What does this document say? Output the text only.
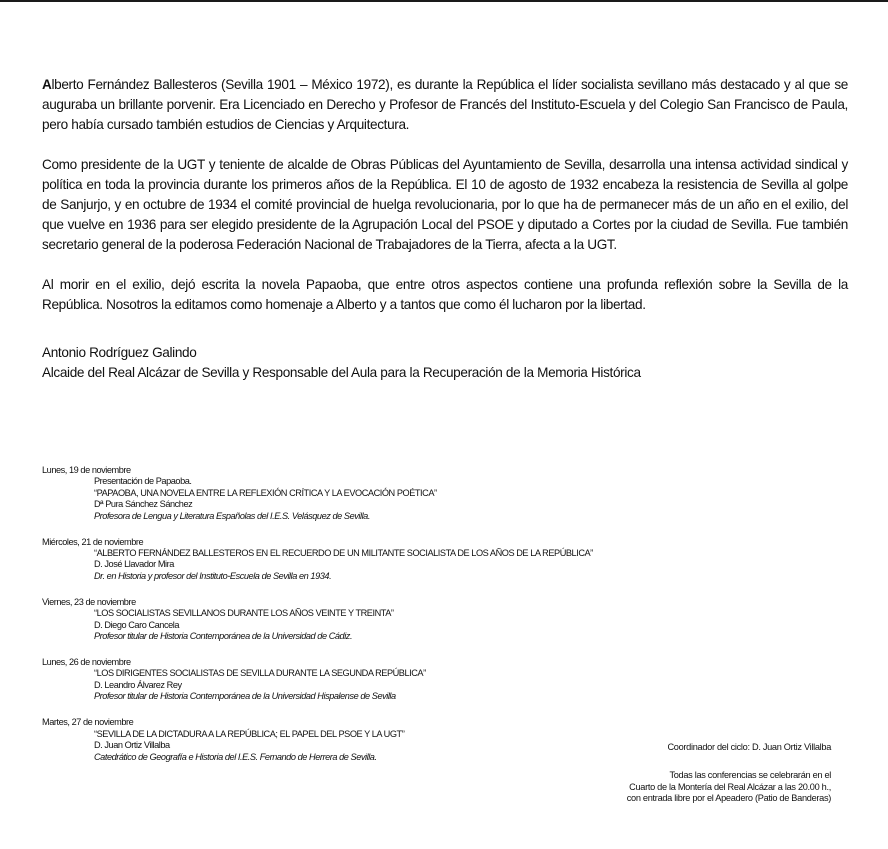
Alberto Fernández Ballesteros (Sevilla 1901 – México 1972), es durante la República el líder socialista sevillano más destacado y al que se auguraba un brillante porvenir. Era Licenciado en Derecho y Profesor de Francés del Instituto-Escuela y del Colegio San Francisco de Paula, pero había cursado también estudios de Ciencias y Arquitectura.

Como presidente de la UGT y teniente de alcalde de Obras Públicas del Ayuntamiento de Sevilla, desarrolla una intensa actividad sindical y política en toda la provincia durante los primeros años de la República. El 10 de agosto de 1932 encabeza la resistencia de Sevilla al golpe de Sanjurjo, y en octubre de 1934 el comité provincial de huelga revolucionaria, por lo que ha de permanecer más de un año en el exilio, del que vuelve en 1936 para ser elegido presidente de la Agrupación Local del PSOE y diputado a Cortes por la ciudad de Sevilla. Fue también secretario general de la poderosa Federación Nacional de Trabajadores de la Tierra, afecta a la UGT.

Al morir en el exilio, dejó escrita la novela Papaoba, que entre otros aspectos contiene una profunda reflexión sobre la Sevilla de la República. Nosotros la editamos como homenaje a Alberto y a tantos que como él lucharon por la libertad.

Antonio Rodríguez Galindo
Alcaide del Real Alcázar de Sevilla y Responsable del Aula para la Recuperación de la Memoria Histórica
Lunes, 19 de noviembre
Presentación de Papaoba.
“PAPAOBA, UNA NOVELA ENTRE LA REFLEXIÓN CRÍTICA Y LA EVOCACIÓN POÉTICA”
Dª Pura Sánchez Sánchez
Profesora de Lengua y Literatura Españolas del I.E.S. Velásquez de Sevilla.
Miércoles, 21 de noviembre
“ALBERTO FERNÁNDEZ BALLESTEROS EN EL RECUERDO DE UN MILITANTE SOCIALISTA DE LOS AÑOS DE LA REPÚBLICA”
D. José Llavador Mira
Dr. en Historia y profesor del Instituto-Escuela de Sevilla en 1934.
Viernes, 23 de noviembre
“LOS SOCIALISTAS SEVILLANOS DURANTE LOS AÑOS VEINTE Y TREINTA”
D. Diego Caro Cancela
Profesor titular de Historia Contemporánea de la Universidad de Cádiz.
Lunes, 26 de noviembre
“LOS DIRIGENTES SOCIALISTAS DE SEVILLA DURANTE LA SEGUNDA REPÚBLICA”
D. Leandro Álvarez Rey
Profesor titular de Historia Contemporánea de la Universidad Hispalense de Sevilla
Martes, 27 de noviembre
“SEVILLA DE LA DICTADURA A LA REPÚBLICA; EL PAPEL DEL PSOE Y LA UGT”
D. Juan Ortiz Villalba
Catedrático de Geografía e Historia del I.E.S. Fernando de Herrera de Sevilla.
Coordinador del ciclo: D. Juan Ortiz Villalba
Todas las conferencias se celebrarán en el
Cuarto de la Montería del Real Alcázar a las 20.00 h.,
con entrada libre por el Apeadero (Patio de Banderas)
